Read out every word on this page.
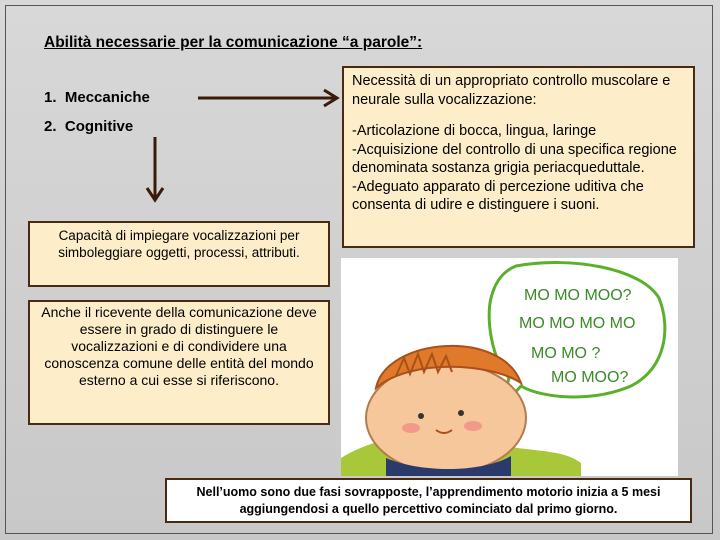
Abilità necessarie per la comunicazione “a parole”:
1. Meccaniche
2. Cognitive
Capacità di impiegare vocalizzazioni per simboleggiare oggetti, processi, attributi.
Anche il ricevente della comunicazione deve essere in grado di distinguere le vocalizzazioni e di condividere una conoscenza comune delle entità del mondo esterno a cui esse si riferiscono.
Necessità di un appropriato controllo muscolare e neurale sulla vocalizzazione:
-Articolazione di bocca, lingua, laringe
-Acquisizione del controllo di una specifica regione denominata sostanza grigia periacqueduttale.
-Adeguato apparato di percezione uditiva che consenta di udire e distinguere i suoni.
MO MO MOO?
MO MO MO MO
MO MO ?
MO MOO?
Nell’uomo sono due fasi sovrapposte, l’apprendimento motorio inizia a 5 mesi aggiungendosi a quello percettivo cominciato dal primo giorno.
